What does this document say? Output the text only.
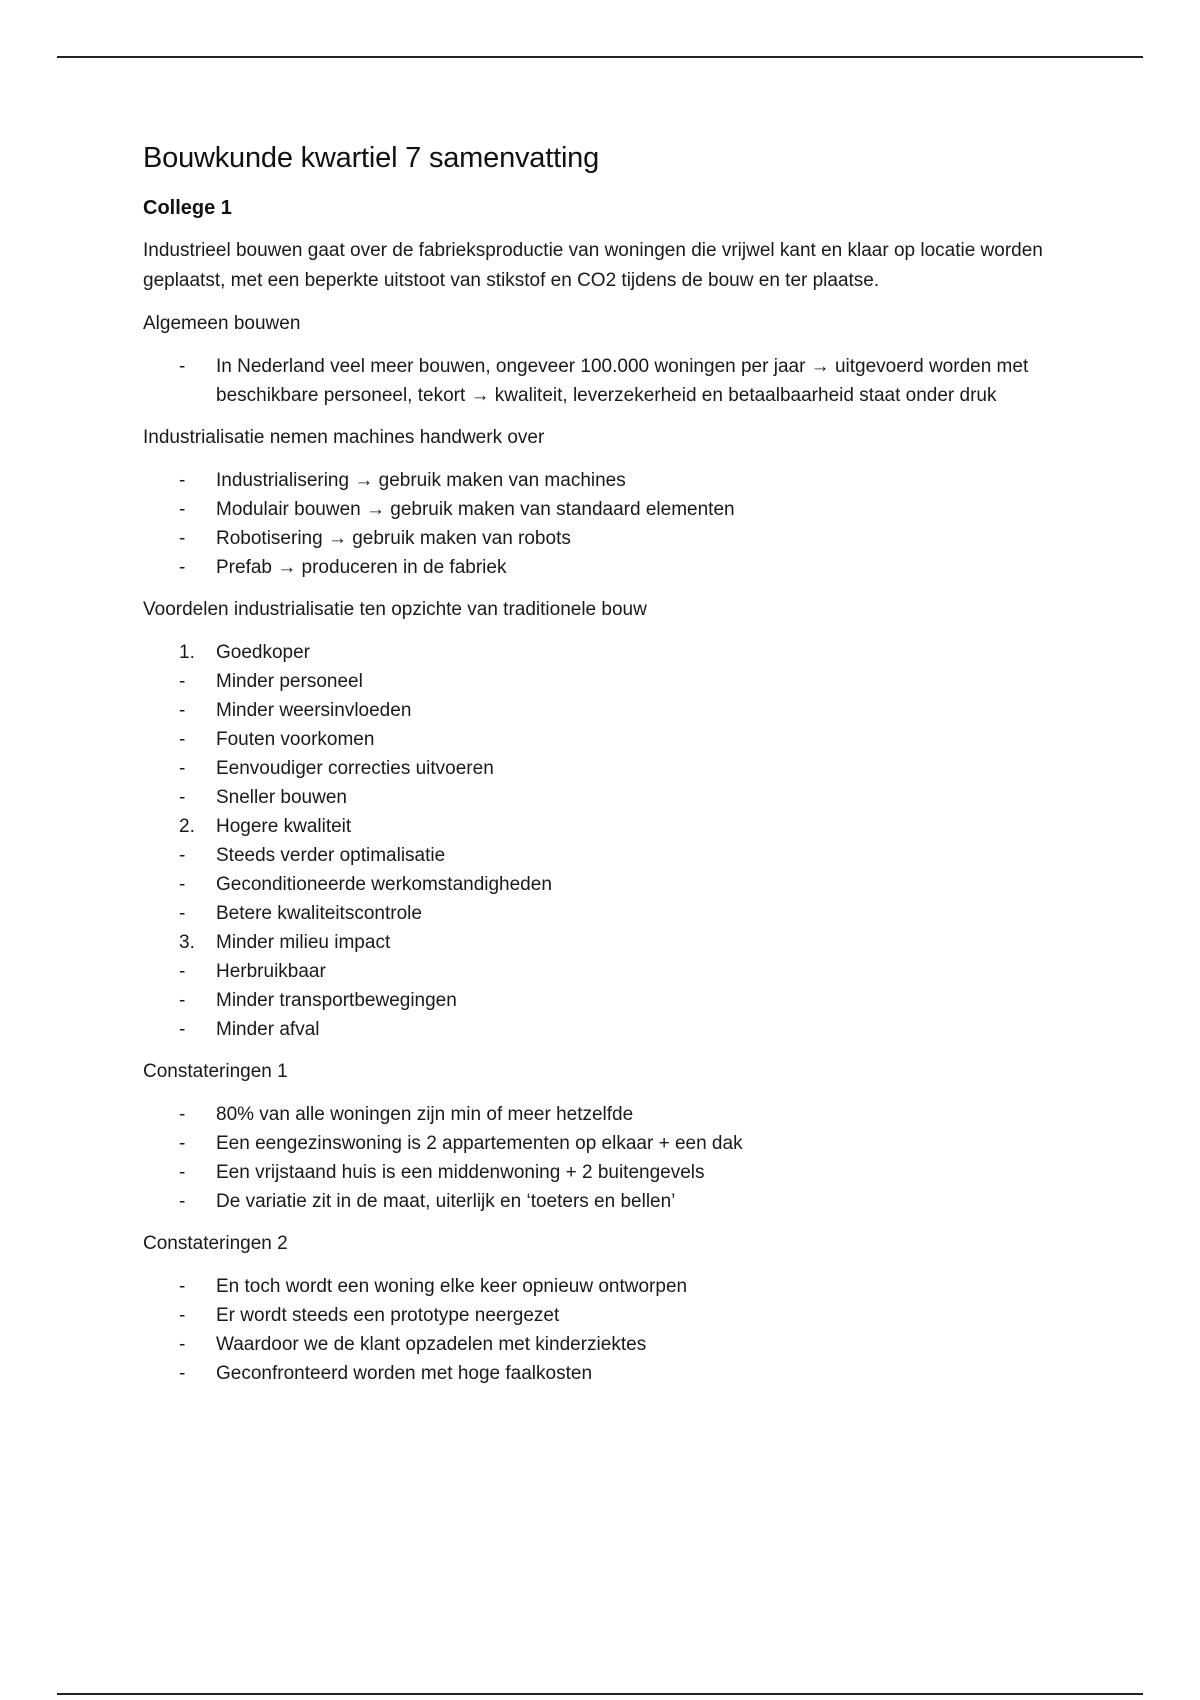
Bouwkunde kwartiel 7 samenvatting
College 1

Industrieel bouwen gaat over de fabrieksproductie van woningen die vrijwel kant en klaar op locatie worden geplaatst, met een beperkte uitstoot van stikstof en CO2 tijdens de bouw en ter plaatse.

Algemeen bouwen
-	In Nederland veel meer bouwen, ongeveer 100.000 woningen per jaar → uitgevoerd worden met beschikbare personeel, tekort → kwaliteit, leverzekerheid en betaalbaarheid staat onder druk
Industrialisatie nemen machines handwerk over
-	Industrialisering → gebruik maken van machines
-	Modulair bouwen → gebruik maken van standaard elementen
-	Robotisering → gebruik maken van robots
-	Prefab → produceren in de fabriek
Voordelen industrialisatie ten opzichte van traditionele bouw
1.	Goedkoper
-	Minder personeel
-	Minder weersinvloeden
-	Fouten voorkomen
-	Eenvoudiger correcties uitvoeren
-	Sneller bouwen
2.	Hogere kwaliteit
-	Steeds verder optimalisatie
-	Geconditioneerde werkomstandigheden
-	Betere kwaliteitscontrole
3.	Minder milieu impact
-	Herbruikbaar
-	Minder transportbewegingen
-	Minder afval
Constateringen 1
-	80% van alle woningen zijn min of meer hetzelfde
-	Een eengezinswoning is 2 appartementen op elkaar + een dak
-	Een vrijstaand huis is een middenwoning + 2 buitengevels
-	De variatie zit in de maat, uiterlijk en ‘toeters en bellen’
Constateringen 2
-	En toch wordt een woning elke keer opnieuw ontworpen
-	Er wordt steeds een prototype neergezet
-	Waardoor we de klant opzadelen met kinderziektes
-	Geconfronteerd worden met hoge faalkosten
